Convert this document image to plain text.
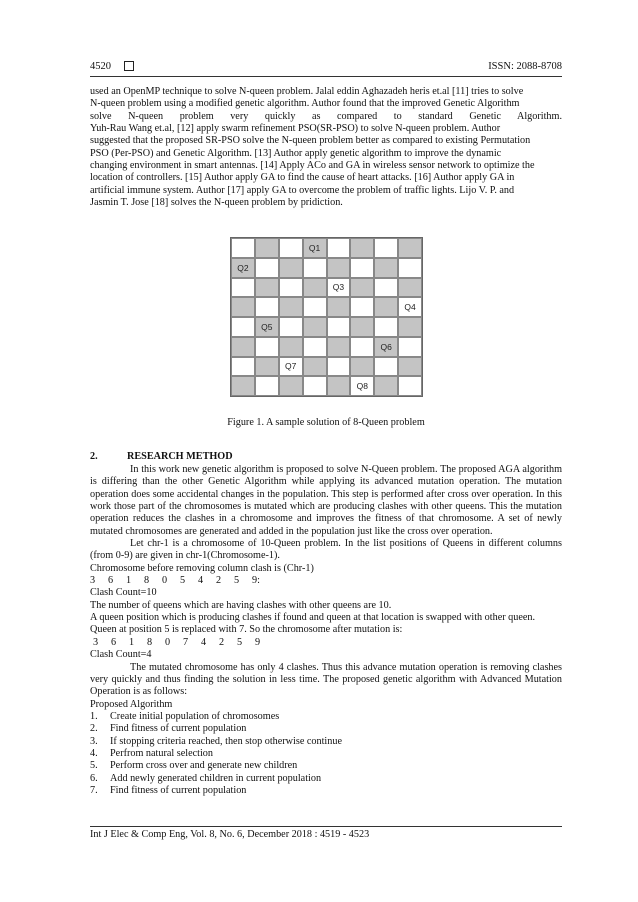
4520	ISSN: 2088-8708
used an OpenMP technique to solve N-queen problem. Jalal eddin Aghazadeh heris et.al [11] tries to solve
N-queen problem using a modified genetic algorithm. Author found that the improved Genetic Algorithm
solve N-queen problem very quickly as compared to standard Genetic Algorithm.
Yuh-Rau Wang et.al, [12] apply swarm refinement PSO(SR-PSO) to solve N-queen problem. Author
suggested that the proposed SR-PSO solve the N-queen problem better as compared to existing Permutation
PSO (Per-PSO) and Genetic Algorithm. [13] Author apply genetic algorithm to improve the dynamic
changing environment in smart antennas. [14] Apply ACo and GA in wireless sensor network to optimize the
location of controllers. [15] Author apply GA to find the cause of heart attacks. [16] Author apply GA in
artificial immune system. Author [17] apply GA to overcome the problem of traffic lights. Lijo V. P. and
Jasmin T. Jose [18] solves the N-queen problem by pridiction.
Q1
Q2
Q3
Q4
Q5
Q6
Q7
Q8
Figure 1. A sample solution of 8-Queen problem
2.	RESEARCH METHOD

In this work new genetic algorithm is proposed to solve N-Queen problem. The proposed AGA algorithm is differing than the other Genetic Algorithm while applying its advanced mutation operation. The mutation operation does some accidental changes in the population. This step is performed after cross over operation. In this work those part of the chromosomes is mutated which are producing clashes with other queens. This the mutation operation reduces the clashes in a chromosome and improves the fitness of that chromosome. A set of newly mutated chromosomes are generated and added in the population just like the cross over operation.

Let chr-1 is a chromosome of 10-Queen problem. In the list positions of Queens in different columns (from 0-9) are given in chr-1(Chromosome-1).

Chromosome before removing column clash is (Chr-1)

3 6 1 8 0 5 4 2 5 9:

Clash Count=10

The number of queens which are having clashes with other queens are 10.

A queen position which is producing clashes if found and queen at that location is swapped with other queen.

Queen at position 5 is replaced with 7. So the chromosome after mutation is:

3 6 1 8 0 7 4 2 5 9

Clash Count=4

The mutated chromosome has only 4 clashes. Thus this advance mutation operation is removing clashes very quickly and thus finding the solution in less time. The proposed genetic algorithm with Advanced Mutation Operation is as follows:

Proposed Algorithm

1.	Create initial population of chromosomes
2.	Find fitness of current population
3.	If stopping criteria reached, then stop otherwise continue
4.	Perfrom natural selection
5.	Perform cross over and generate new children
6.	Add newly generated children in current population
7.	Find fitness of current population
Int J Elec & Comp Eng, Vol. 8, No. 6, December 2018 : 4519 - 4523
